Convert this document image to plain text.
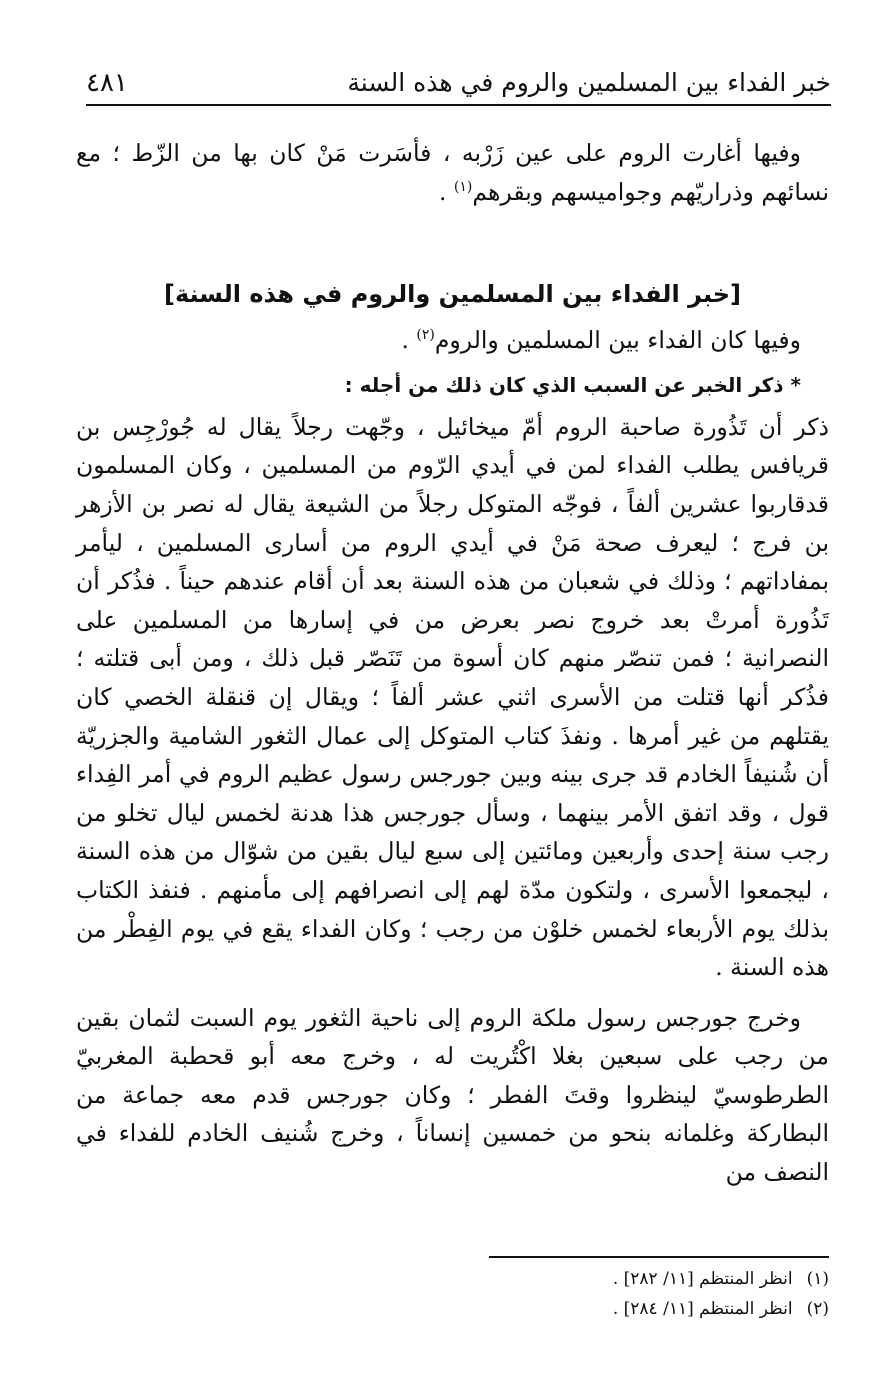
خبر الفداء بين المسلمين والروم في هذه السنة
٤٨١

وفيها أغارت الروم على عين زَرْبه ، فأسَرت مَنْ كان بها من الزّط ؛ مع نسائهم وذراريّهم وجواميسهم وبقرهم$^{(١)}$ .

[خبر الفداء بين المسلمين والروم في هذه السنة]

وفيها كان الفداء بين المسلمين والروم$^{(٢)}$ .

* ذكر الخبر عن السبب الذي كان ذلك من أجله :

ذكر أن تَذُورة صاحبة الروم أمّ ميخائيل ، وجّهت رجلاً يقال له جُورْجِس بن قريافس يطلب الفداء لمن في أيدي الرّوم من المسلمين ، وكان المسلمون قدقاربوا عشرين ألفاً ، فوجّه المتوكل رجلاً من الشيعة يقال له نصر بن الأزهر بن فرج ؛ ليعرف صحة مَنْ في أيدي الروم من أسارى المسلمين ، ليأمر بمفاداتهم ؛ وذلك في شعبان من هذه السنة بعد أن أقام عندهم حيناً . فذُكر أن تَذُورة أمرتْ بعد خروج نصر بعرض من في إسارها من المسلمين على النصرانية ؛ فمن تنصّر منهم كان أسوة من تَنَصّر قبل ذلك ، ومن أبى قتلته ؛ فذُكر أنها قتلت من الأسرى اثني عشر ألفاً ؛ ويقال إن قنقلة الخصي كان يقتلهم من غير أمرها . ونفذَ كتاب المتوكل إلى عمال الثغور الشامية والجزريّة أن شُنيفاً الخادم قد جرى بينه وبين جورجس رسول عظيم الروم في أمر الفِداء قول ، وقد اتفق الأمر بينهما ، وسأل جورجس هذا هدنة لخمس ليال تخلو من رجب سنة إحدى وأربعين ومائتين إلى سبع ليال بقين من شوّال من هذه السنة ، ليجمعوا الأسرى ، ولتكون مدّة لهم إلى انصرافهم إلى مأمنهم . فنفذ الكتاب بذلك يوم الأربعاء لخمس خلوْن من رجب ؛ وكان الفداء يقع في يوم الفِطْر من هذه السنة .

وخرج جورجس رسول ملكة الروم إلى ناحية الثغور يوم السبت لثمان بقين من رجب على سبعين بغلا اكْتُريت له ، وخرج معه أبو قحطبة المغربيّ الطرطوسيّ لينظروا وقتَ الفطر ؛ وكان جورجس قدم معه جماعة من البطاركة وغلمانه بنحو من خمسين إنساناً ، وخرج شُنيف الخادم للفداء في النصف من

(١)
انظر المنتظم [١١/ ٢٨٢] .
(٢)
انظر المنتظم [١١/ ٢٨٤] .
